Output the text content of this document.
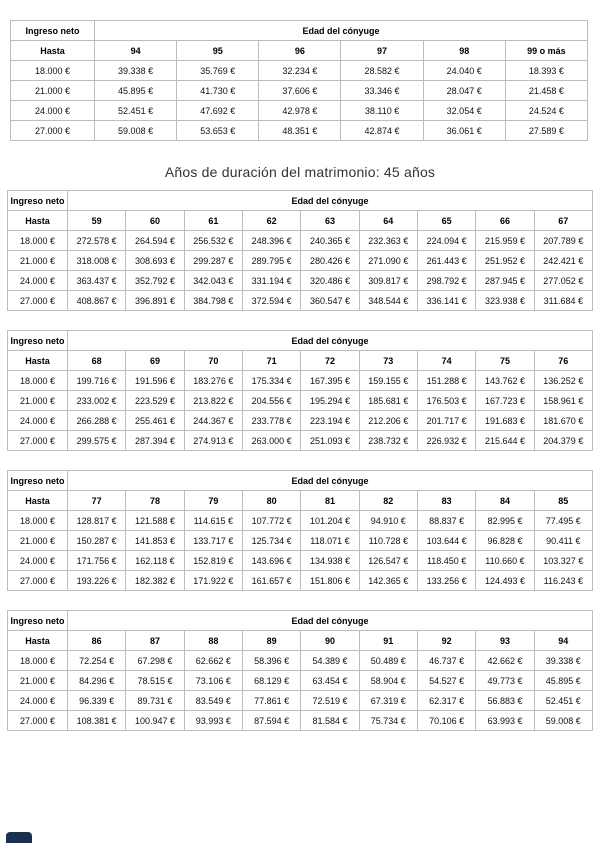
Ingreso neto	Edad del cónyuge					
Hasta	94	95	96	97	98	99 o más
18.000 €	39.338 €	35.769 €	32.234 €	28.582 €	24.040 €	18.393 €
21.000 €	45.895 €	41.730 €	37.606 €	33.346 €	28.047 €	21.458 €
24.000 €	52.451 €	47.692 €	42.978 €	38.110 €	32.054 €	24.524 €
27.000 €	59.008 €	53.653 €	48.351 €	42.874 €	36.061 €	27.589 €
Años de duración del matrimonio: 45 años
Ingreso neto	Edad del cónyuge								
Hasta	59	60	61	62	63	64	65	66	67
18.000 €	272.578 €	264.594 €	256.532 €	248.396 €	240.365 €	232.363 €	224.094 €	215.959 €	207.789 €
21.000 €	318.008 €	308.693 €	299.287 €	289.795 €	280.426 €	271.090 €	261.443 €	251.952 €	242.421 €
24.000 €	363.437 €	352.792 €	342.043 €	331.194 €	320.486 €	309.817 €	298.792 €	287.945 €	277.052 €
27.000 €	408.867 €	396.891 €	384.798 €	372.594 €	360.547 €	348.544 €	336.141 €	323.938 €	311.684 €
Ingreso neto	Edad del cónyuge								
Hasta	68	69	70	71	72	73	74	75	76
18.000 €	199.716 €	191.596 €	183.276 €	175.334 €	167.395 €	159.155 €	151.288 €	143.762 €	136.252 €
21.000 €	233.002 €	223.529 €	213.822 €	204.556 €	195.294 €	185.681 €	176.503 €	167.723 €	158.961 €
24.000 €	266.288 €	255.461 €	244.367 €	233.778 €	223.194 €	212.206 €	201.717 €	191.683 €	181.670 €
27.000 €	299.575 €	287.394 €	274.913 €	263.000 €	251.093 €	238.732 €	226.932 €	215.644 €	204.379 €
Ingreso neto	Edad del cónyuge								
Hasta	77	78	79	80	81	82	83	84	85
18.000 €	128.817 €	121.588 €	114.615 €	107.772 €	101.204 €	94.910 €	88.837 €	82.995 €	77.495 €
21.000 €	150.287 €	141.853 €	133.717 €	125.734 €	118.071 €	110.728 €	103.644 €	96.828 €	90.411 €
24.000 €	171.756 €	162.118 €	152.819 €	143.696 €	134.938 €	126.547 €	118.450 €	110.660 €	103.327 €
27.000 €	193.226 €	182.382 €	171.922 €	161.657 €	151.806 €	142.365 €	133.256 €	124.493 €	116.243 €
Ingreso neto	Edad del cónyuge								
Hasta	86	87	88	89	90	91	92	93	94
18.000 €	72.254 €	67.298 €	62.662 €	58.396 €	54.389 €	50.489 €	46.737 €	42.662 €	39.338 €
21.000 €	84.296 €	78.515 €	73.106 €	68.129 €	63.454 €	58.904 €	54.527 €	49.773 €	45.895 €
24.000 €	96.339 €	89.731 €	83.549 €	77.861 €	72.519 €	67.319 €	62.317 €	56.883 €	52.451 €
27.000 €	108.381 €	100.947 €	93.993 €	87.594 €	81.584 €	75.734 €	70.106 €	63.993 €	59.008 €
